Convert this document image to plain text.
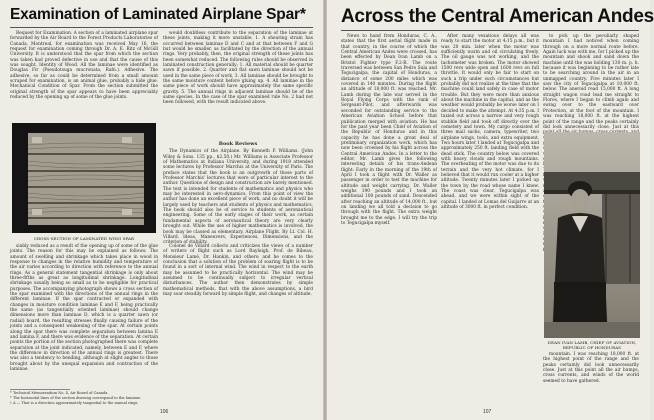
Examination of Laminated Airplane Spar*

Request for Examination. A section of a laminated airplane spar forwarded by the Air Board to the Forest Products Laboratories of Canada, Montreal, for examination was received May 16, the request for examination coming through Dr. A. E. Ritz of McGill University. It is understood that the spar from which the section was taken had proved defective in use and that the cause of this was sought. Identity of Wood. All the laminae were identified as Douglas Fir (Pseudotsuga mucronata, Rafn.). Adhesive. The adhesive, so far as could be determined from a small amount scraped for examination, is an animal glue, probably a hide glue. Mechanical Condition of Spar. From the section submitted the original strength of the spar appears to have been appreciably reduced by the opening up of some of the glue joints.

would doubtless contribute to the separation of the laminae at these joints, making it more unstable. 1. A shearing strain has occurred between laminae D and C and at that between F and G but would be smaller, as facilitated by the direction of the annual rings. Very probably, then, the original strength of these joints has been somewhat reduced. The following rules should be observed in laminated construction generally: 1. All material should be quarter sawn if possible. 2. Quarter and flat sawn laminae should not be used in the same piece of work. 3. All laminae should be brought to the same moisture content before gluing up. 4. All laminae in the same piece of work should have approximately the same specific gravity. 5. The annual rings in adjacent laminae should be of the same species. In the case of the spar examined rule No. 2 had not been followed, with the result indicated above.

Book Reviews

The Dynamics of the Airplane. By Kenneth P. Williams. (John Wiley & Sons. 135 pp., $2.50.) Mr. Williams is Associate Professor of Mathematics at Indiana University, and during 1918 attended some lectures by Professor Marchis at the University of Paris. The preface states that the book is an outgrowth of those parts of Professor Marchis' lectures that were of particular interest to the author. Questions of design and construction are barely mentioned. The text is intended for students of mathematics and physics who may be interested in aero-dynamics. From this point of view the author has done an excellent piece of work, and no doubt it will be largely used by teachers and students of physics and mathematics. The book should also be of service to students of aeronautical engineering. Some of the early stages of their work, as certain fundamental aspects of aeronautical theory are very clearly brought out. While the use of higher mathematics is involved, the book may be classed as elementary. Airplane Flight. By Lt. Col. H. Villard. Ideas, Maneuvers, Experiences, Dimensions, and the criterion of stability.

CROSS-SECTION OF LAMINATED WING SPAR

siably reduced as a result of the opening up of some of the glue joints. The reason for this may be explained as follows: The amount of swelling and shrinkage which takes place in wood in response to changes in the relative humidity and temperature of the air varies according to direction with reference to the annual rings. As a general statement tangential shrinkage is only about three-fifths as great as longitudinal shrinkage. Longitudinal shrinkage usually being so small as to be negligible for practical purposes. The accompanying photograph shows a cross section of the spar examined with the directions of the annual rings in the different laminae. If the spar contracted or expanded with changes in moisture condition laminae E and F, being practically the same (as tangentially oriented laminae) should change dimensions more than laminae D, which is a quarter sawn (or radial) board, the resulting stresses finally causing failure of the joints and a consequent weakening of the spar. At certain points along the spar there was complete separation between lamina E and lamina F, and there was evidence of the separation. At certain points the portion of the section photographed there was complete separation at the joint indicated, namely, between E and F, where the difference in direction of the annual rings is greatest. There was also a tendency to bending, although at slight angles to those brought about by the unequal expansion and contraction of the laminae.

Colonel de Villard collects and criticizes the views of a number of writers of flight such as Lord Rayleigh, Prof. de Ribeau, Monsieur Lamé, Dr. Hankin, and others; and he comes to the conclusion that a solution of the problem of soaring flight is to be found in a sort of internal wind. The wind in respect to the earth may be assumed to be practically horizontal. The wind may be assumed to be continually subject to irregular vertical disturbances. The author then demonstrates by simple mathematical methods, that with the above assumptions, a bird may soar steadily forward by simple flight, and changes of altitude.

* Technical Memorandum No. 4, Air Board of Canada.
* The horizontal lines of the section drawing correspond to the laminae.
† A — That is a direction approximately tangential to the annual rings.
106
Across the Central American Andes

News to hand from Honduras, C. A., states that the first aerial flight made in that country, in the course of which the Central American Andes were crossed, has been effected by Dean Ivan Lamb on a Bristol Fighter type F.2-B. The route traversed was between San Pedro Sula and Tegucigalpa, the capital of Honduras, a distance of some 200 miles which was covered in 140 minutes. During the flight an altitude of 18,000 ft. was reached. Mr. Lamb during the late war served in the Royal Flying Corps with the rank of Sergeant-Pilot, and afterwards was seconded for outstanding service to the American Aviation School before that publication merged with aviation. He has for the past year been Chief of Aviation of the Republic of Honduras and in this capacity he has done a great deal of preliminary organization work, which has now been crowned by his flight across the Central American Andes. In a letter to the editor, Mr. Lamb gives the following interesting details of his trans-Andean flight: Early in the morning of the 19th of April I took a flight with Dr. Waller as passenger in order to test the machine for altitude and weight carrying. Dr. Waller weighs 190 pounds and I took an additional 100 pounds of sand. Descended after reaching an altitude of 14,000 ft., but on landing we all told a decision to go through with the flight. The extra weight brought me to the edge, I will try the trip to Tegucigalpa myself.

After many vexatious delays all was ready to start the motor at 4:15 p.m., but it was 20 min. later when the motor was sufficiently warm and oil circulating freely. The oil gauge was not working, and the tachometer was broken. The motor showed 1500 revs wide open and 1600 revs on full throttle. It would only be fair to start on such a trip under such circumstances but probably did not realize at the time that the machine could land safely in case of motor trouble. But they were more than anxious about the machine in the capital, and as the weather would probably be worse later on I decided to make the attempt. At 4:35 p.m. I taxied out across a narrow and very rough stubble field and took off directly over the cemetery and town. My cargo consisted of three mail sacks, camera, typewriter, two airplane wings, tools, and extra equipment. Two hours later I landed at Tegucigalpa and approximately 250 ft. landing field with the dead stick. The country below was covered with heavy clouds and rough mountains. The overheating of the motor was due to its terrain and the very hot climate, for I believed that it would run cooler at a higher altitude. Twenty minutes later I picked up the town by the road whose name I knew. The coast was clear, Tegucigalpa was ahead, and we were within sight of the capital. I landed at Lomas del Guijarro at an altitude of 3000 ft. in perfect condition.

to pick up the peculiarly shaped mountain I had noticed when coming through on a more normal route before. Again luck was with me, for I picked up the mountain and shook and sand down the machine until the was holding 130 m. p. h. because it was beginning to be rather late to be searching around in the air in an unmapped country. Five minutes later I saw the city of Tegucigalpa at 10,000 ft. below. The aneroid read 15,000 ft. A long straight wagon road lead me straight to Flores, where I began to climb again and swing over to the eastward over Protection, at the foot of the mountain. I was reaching 18,000 ft. at the highest point of the range and the peaks certainly did look unnecessarily close. Just at this

DEAN IVAN LAMB, CHIEF OF AVIATION, REPUBLIC OF HONDURAS

mountain. I was reaching 18,000 ft. at the highest point of the range and the peaks certainly did look unnecessarily close. Just at this point all the air bumps, cross currents, and winds of the world seemed to have gathered.

107
